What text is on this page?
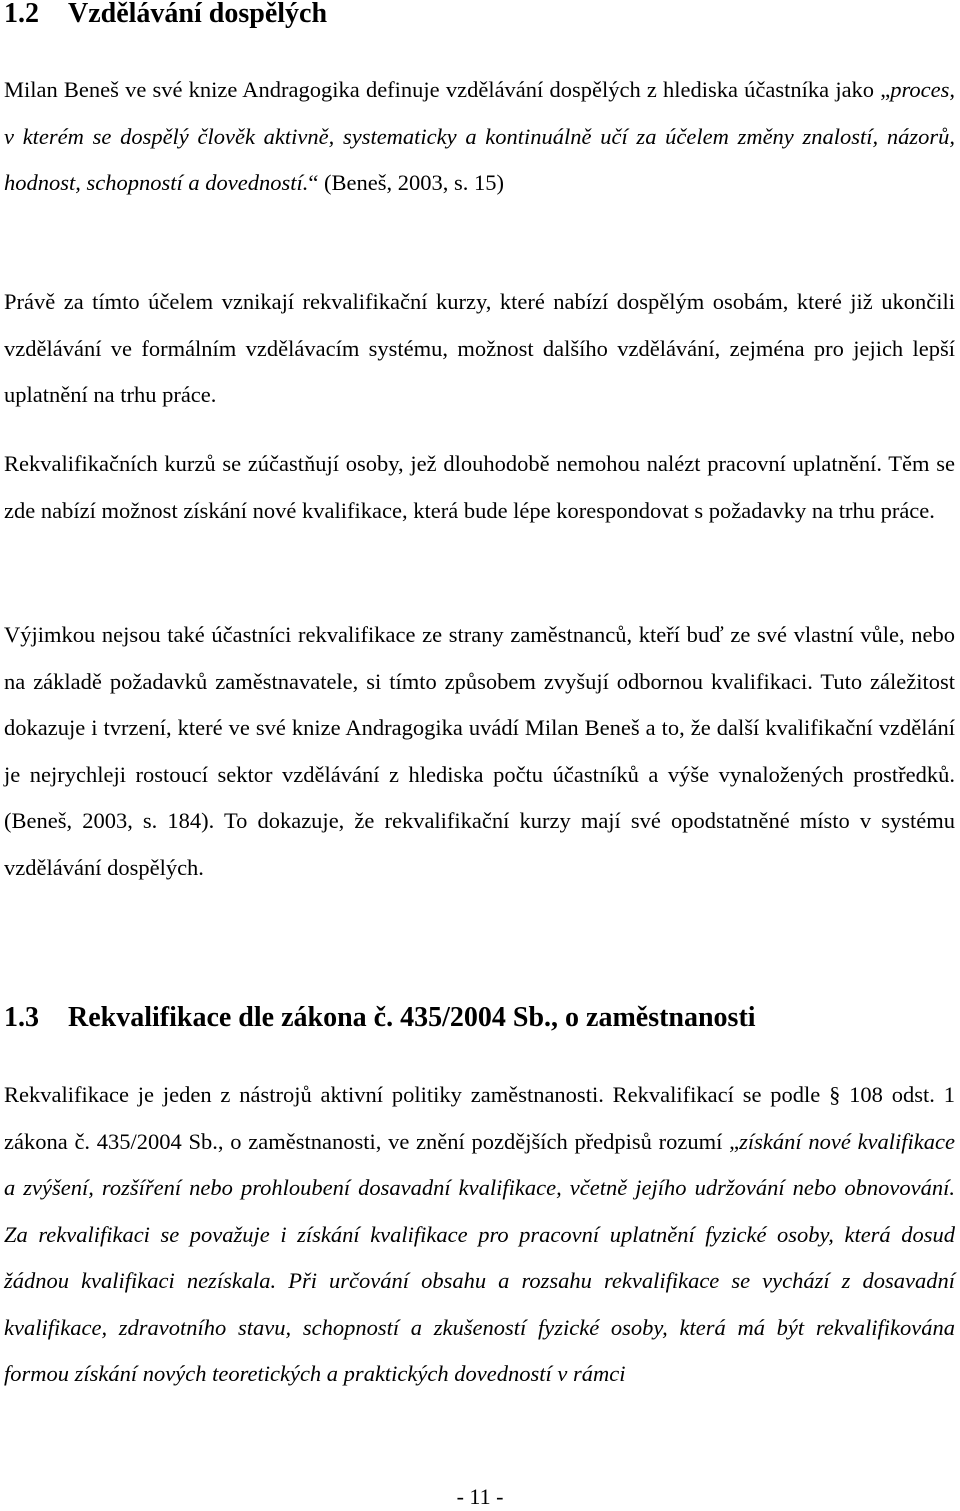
1.2 Vzdělávání dospělých

Milan Beneš ve své knize Andragogika definuje vzdělávání dospělých z hlediska účastníka jako „proces, v kterém se dospělý člověk aktivně, systematicky a kontinuálně učí za účelem změny znalostí, názorů, hodnost, schopností a dovedností.“ (Beneš, 2003, s. 15)

Právě za tímto účelem vznikají rekvalifikační kurzy, které nabízí dospělým osobám, které již ukončili vzdělávání ve formálním vzdělávacím systému, možnost dalšího vzdělávání, zejména pro jejich lepší uplatnění na trhu práce.

Rekvalifikačních kurzů se zúčastňují osoby, jež dlouhodobě nemohou nalézt pracovní uplatnění. Těm se zde nabízí možnost získání nové kvalifikace, která bude lépe korespondovat s požadavky na trhu práce.

Výjimkou nejsou také účastníci rekvalifikace ze strany zaměstnanců, kteří buď ze své vlastní vůle, nebo na základě požadavků zaměstnavatele, si tímto způsobem zvyšují odbornou kvalifikaci. Tuto záležitost dokazuje i tvrzení, které ve své knize Andragogika uvádí Milan Beneš a to, že další kvalifikační vzdělání je nejrychleji rostoucí sektor vzdělávání z hlediska počtu účastníků a výše vynaložených prostředků. (Beneš, 2003, s. 184). To dokazuje, že rekvalifikační kurzy mají své opodstatněné místo v systému vzdělávání dospělých.

1.3 Rekvalifikace dle zákona č. 435/2004 Sb., o zaměstnanosti

Rekvalifikace je jeden z nástrojů aktivní politiky zaměstnanosti. Rekvalifikací se podle § 108 odst. 1 zákona č. 435/2004 Sb., o zaměstnanosti, ve znění pozdějších předpisů rozumí „získání nové kvalifikace a zvýšení, rozšíření nebo prohloubení dosavadní kvalifikace, včetně jejího udržování nebo obnovování. Za rekvalifikaci se považuje i získání kvalifikace pro pracovní uplatnění fyzické osoby, která dosud žádnou kvalifikaci nezískala. Při určování obsahu a rozsahu rekvalifikace se vychází z dosavadní kvalifikace, zdravotního stavu, schopností a zkušeností fyzické osoby, která má být rekvalifikována formou získání nových teoretických a praktických dovedností v rámci

- 11 -
